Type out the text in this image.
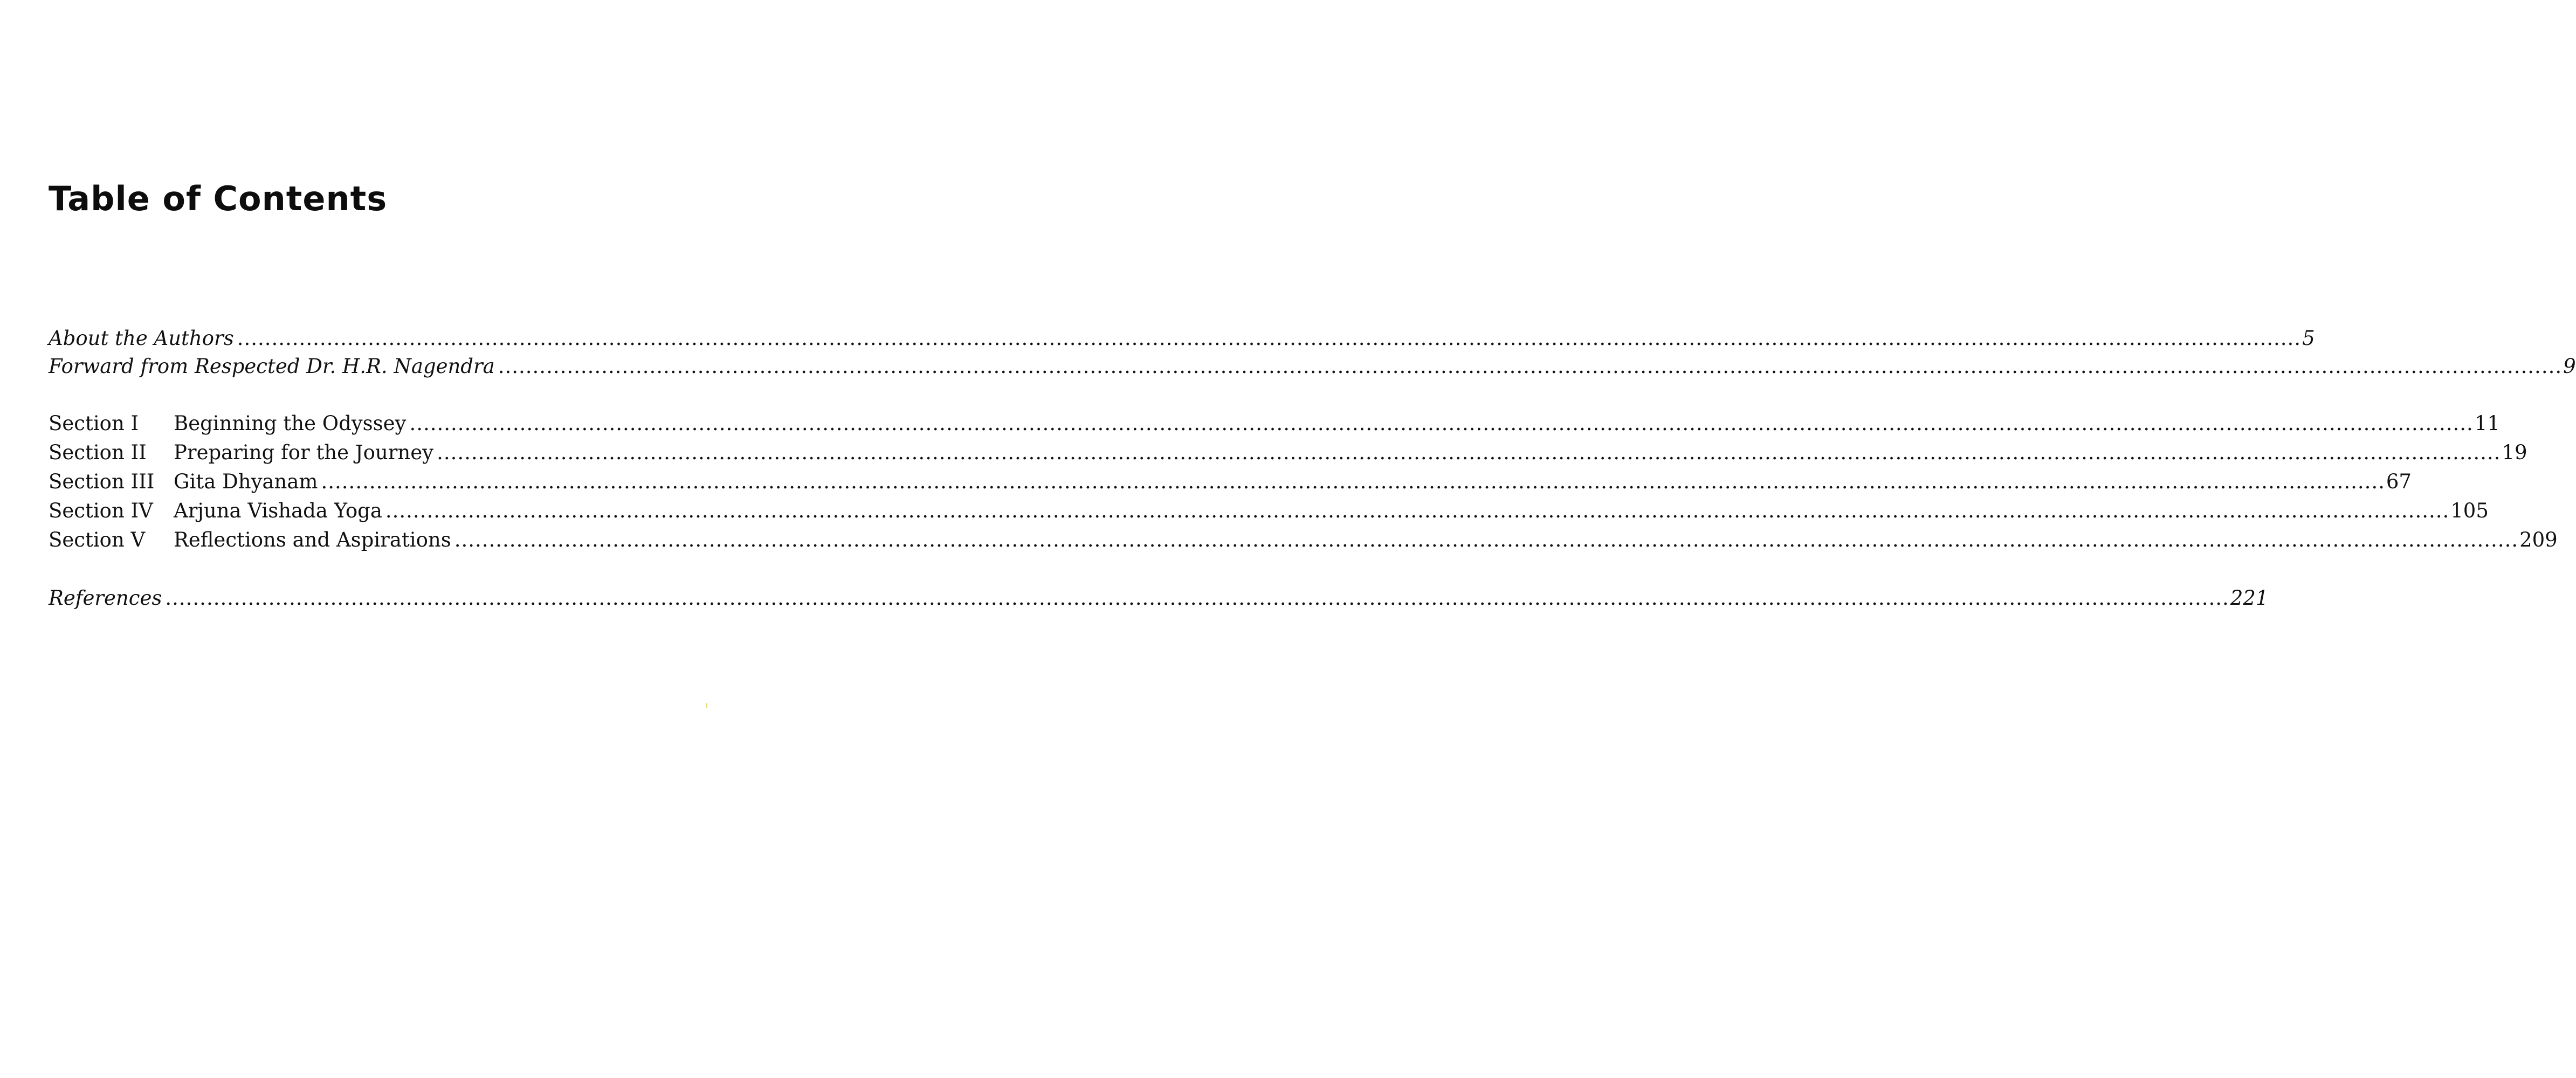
Table of Contents
About the Authors ............................................................................................................................................................................................................................................................................................................ 5
Forward from Respected Dr. H.R. Nagendra ............................................................................................................................................................................................................................................................................................................ 9
Section I	Beginning the Odyssey ............................................................................................................................................................................................................................................................................................................ 11
Section II	Preparing for the Journey ............................................................................................................................................................................................................................................................................................................ 19
Section III Gita Dhyanam ............................................................................................................................................................................................................................................................................................................ 67
Section IV	Arjuna Vishada Yoga ............................................................................................................................................................................................................................................................................................................ 105
Section V	Reflections and Aspirations ............................................................................................................................................................................................................................................................................................................ 209
References ............................................................................................................................................................................................................................................................................................................ 221
